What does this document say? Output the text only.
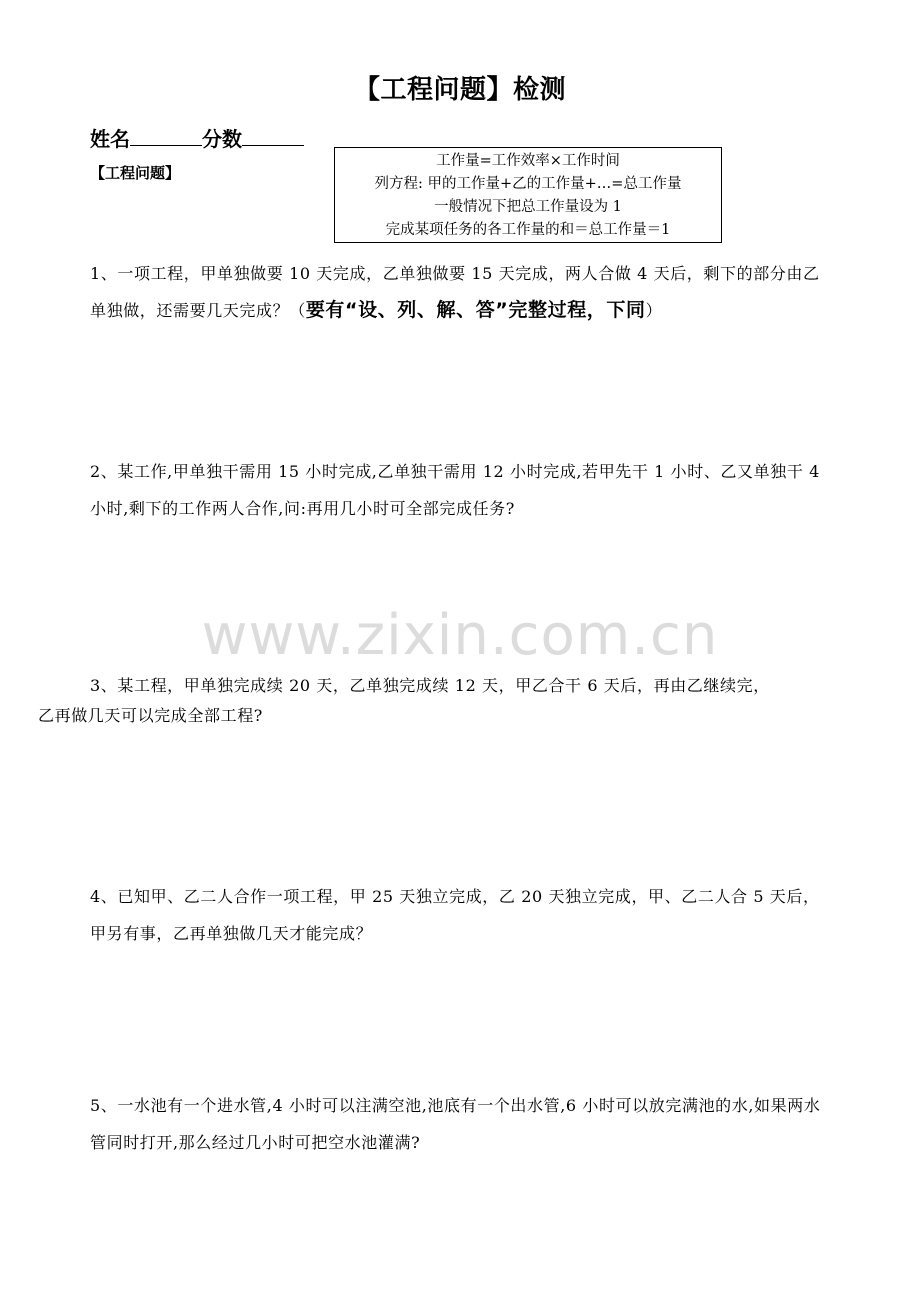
【工程问题】检测
姓名	分数
【工程问题】
工作量=工作效率×工作时间
列方程: 甲的工作量+乙的工作量+…=总工作量
一般情况下把总工作量设为 1
完成某项任务的各工作量的和＝总工作量＝1
1、一项工程，甲单独做要 10 天完成，乙单独做要 15 天完成，两人合做 4 天后，剩下的部分由乙单独做，还需要几天完成？（要有“设、列、解、答”完整过程，下同）
2、某工作,甲单独干需用 15 小时完成,乙单独干需用 12 小时完成,若甲先干 1 小时、乙又单独干 4 小时,剩下的工作两人合作,问:再用几小时可全部完成任务?
www.zixin.com.cn
3、某工程，甲单独完成续 20 天，乙单独完成续 12 天，甲乙合干 6 天后，再由乙继续完，
乙再做几天可以完成全部工程?
4、已知甲、乙二人合作一项工程，甲 25 天独立完成，乙 20 天独立完成，甲、乙二人合 5 天后，甲另有事，乙再单独做几天才能完成？
5、一水池有一个进水管,4 小时可以注满空池,池底有一个出水管,6 小时可以放完满池的水,如果两水管同时打开,那么经过几小时可把空水池灌满?
